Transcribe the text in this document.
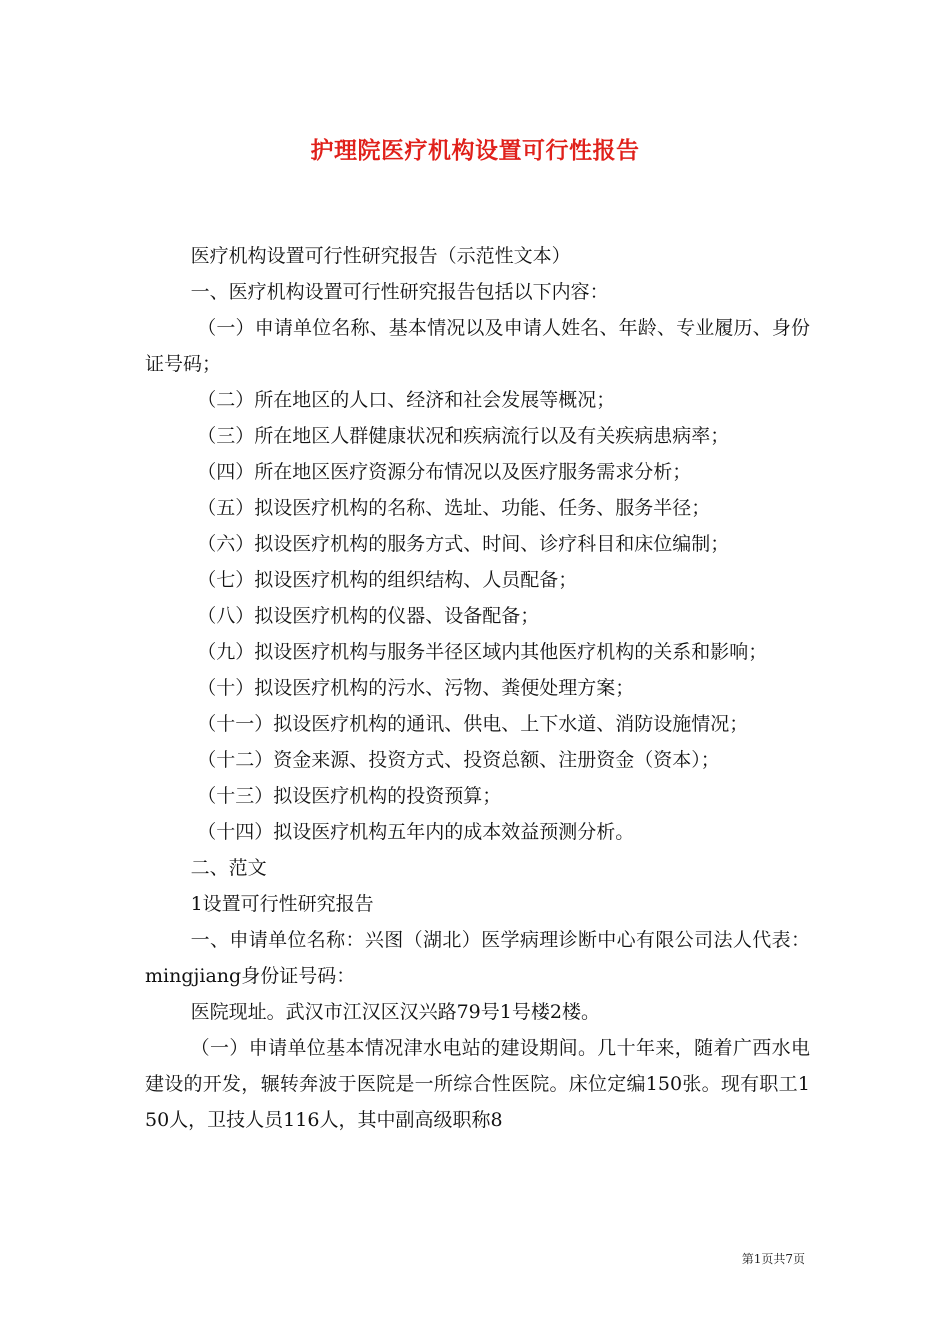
护理院医疗机构设置可行性报告

医疗机构设置可行性研究报告（示范性文本）

一、医疗机构设置可行性研究报告包括以下内容：

（一）申请单位名称、基本情况以及申请人姓名、年龄、专业履历、身份证号码；

（二）所在地区的人口、经济和社会发展等概况；

（三）所在地区人群健康状况和疾病流行以及有关疾病患病率；

（四）所在地区医疗资源分布情况以及医疗服务需求分析；

（五）拟设医疗机构的名称、选址、功能、任务、服务半径；

（六）拟设医疗机构的服务方式、时间、诊疗科目和床位编制；

（七）拟设医疗机构的组织结构、人员配备；

（八）拟设医疗机构的仪器、设备配备；

（九）拟设医疗机构与服务半径区域内其他医疗机构的关系和影响；

（十）拟设医疗机构的污水、污物、粪便处理方案；

（十一）拟设医疗机构的通讯、供电、上下水道、消防设施情况；

（十二）资金来源、投资方式、投资总额、注册资金（资本）；

（十三）拟设医疗机构的投资预算；

（十四）拟设医疗机构五年内的成本效益预测分析。

二、范文

1设置可行性研究报告

一、申请单位名称：兴图（湖北）医学病理诊断中心有限公司法人代表：mingjiang身份证号码：

医院现址。武汉市江汉区汉兴路79号1号楼2楼。

（一）申请单位基本情况津水电站的建设期间。几十年来，随着广西水电建设的开发，辗转奔波于医院是一所综合性医院。床位定编150张。现有职工150人，卫技人员116人，其中副高级职称8

第1页共7页
